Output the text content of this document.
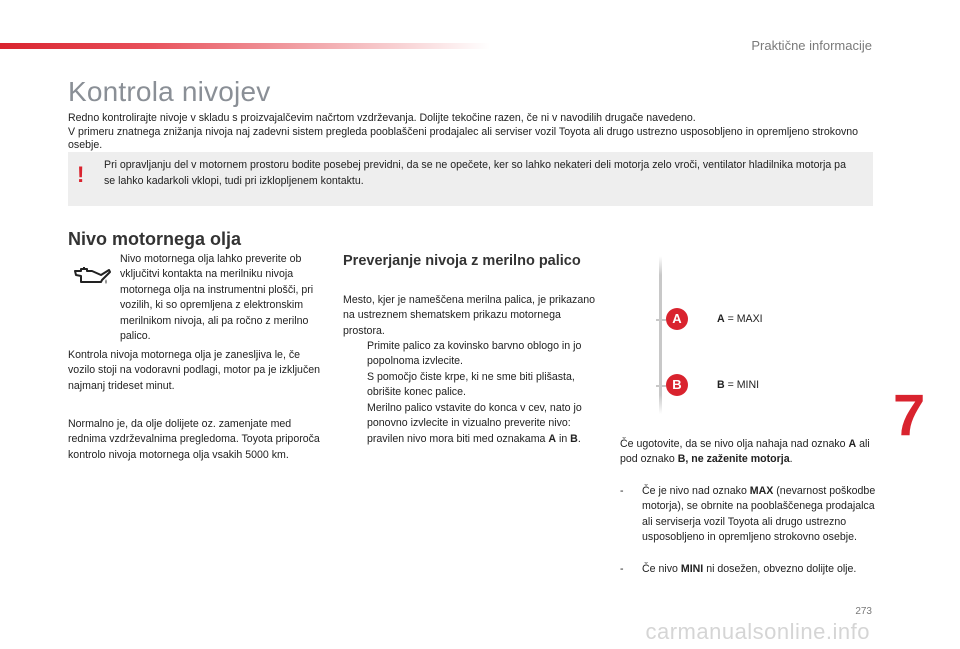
Praktične informacije
Kontrola nivojev

Redno kontrolirajte nivoje v skladu s proizvajalčevim načrtom vzdrževanja. Dolijte tekočine razen, če ni v navodilih drugače navedeno.

V primeru znatnega znižanja nivoja naj zadevni sistem pregleda pooblaščeni prodajalec ali serviser vozil Toyota ali drugo ustrezno usposobljeno in opremljeno strokovno osebje.

! Pri opravljanju del v motornem prostoru bodite posebej previdni, da se ne opečete, ker so lahko nekateri deli motorja zelo vroči, ventilator hladilnika motorja pa se lahko kadarkoli vklopi, tudi pri izklopljenem kontaktu.

7
Nivo motornega olja

Nivo motornega olja lahko preverite ob vključitvi kontakta na merilniku nivoja motornega olja na instrumentni plošči, pri vozilih, ki so opremljena z elektronskim merilnikom nivoja, ali pa ročno z merilno palico.

Kontrola nivoja motornega olja je zanesljiva le, če vozilo stoji na vodoravni podlagi, motor pa je izključen najmanj trideset minut.

Normalno je, da olje dolijete oz. zamenjate med rednima vzdrževalnima pregledoma. Toyota priporoča kontrolo nivoja motornega olja vsakih 5000 km.

Preverjanje nivoja z merilno palico

Mesto, kjer je nameščena merilna palica, je prikazano na ustreznem shematskem prikazu motornega prostora.

Primite palico za kovinsko barvno oblogo in jo popolnoma izvlecite.
S pomočjo čiste krpe, ki ne sme biti plišasta, obrišite konec palice.
Merilno palico vstavite do konca v cev, nato jo ponovno izvlecite in vizualno preverite nivo: pravilen nivo mora biti med oznakama A in B.
A	A = MAXI
B	B = MINI

Če ugotovite, da se nivo olja nahaja nad oznako A ali pod oznako B, ne zaženite motorja.

-	Če je nivo nad oznako MAX (nevarnost poškodbe motorja), se obrnite na pooblaščenega prodajalca ali serviserja vozil Toyota ali drugo ustrezno usposobljeno in opremljeno strokovno osebje.
-	Če nivo MINI ni dosežen, obvezno dolijte olje.
273
carmanualsonline.info
